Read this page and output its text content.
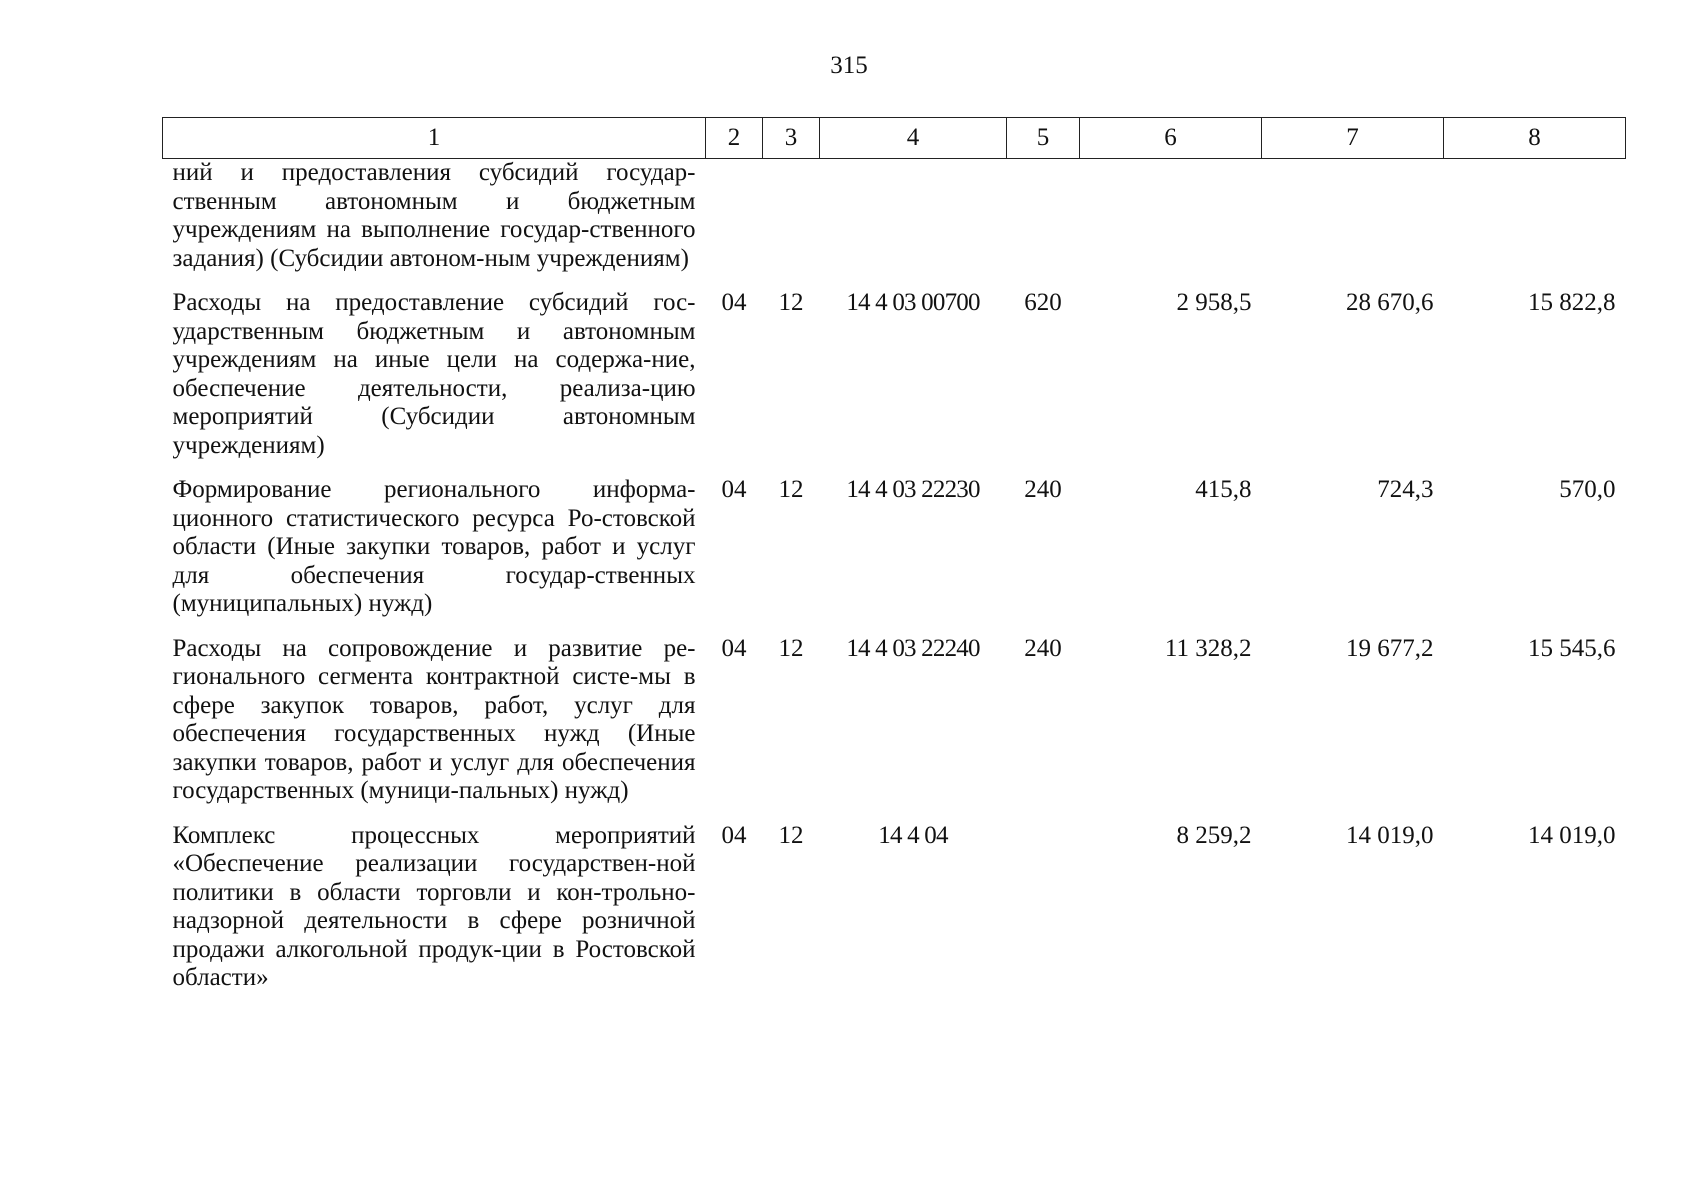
315
1	2	3	4	5	6	7	8
ний и предоставления субсидий государ-ственным автономным и бюджетным учреждениям на выполнение государ-ственного задания) (Субсидии автоном-ным учреждениям)							
Расходы на предоставление субсидий гос-ударственным бюджетным и автономным учреждениям на иные цели на содержа-ние, обеспечение деятельности, реализа-цию мероприятий (Субсидии автономным учреждениям)	04	12	14 4 03 00700	620	2 958,5	28 670,6	15 822,8
Формирование регионального информа-ционного статистического ресурса Ро-стовской области (Иные закупки товаров, работ и услуг для обеспечения государ-ственных (муниципальных) нужд)	04	12	14 4 03 22230	240	415,8	724,3	570,0
Расходы на сопровождение и развитие ре-гионального сегмента контрактной систе-мы в сфере закупок товаров, работ, услуг для обеспечения государственных нужд (Иные закупки товаров, работ и услуг для обеспечения государственных (муници-пальных) нужд)	04	12	14 4 03 22240	240	11 328,2	19 677,2	15 545,6
Комплекс процессных мероприятий «Обеспечение реализации государствен-ной политики в области торговли и кон-трольно-надзорной деятельности в сфере розничной продажи алкогольной продук-ции в Ростовской области»	04	12	14 4 04		8 259,2	14 019,0	14 019,0
